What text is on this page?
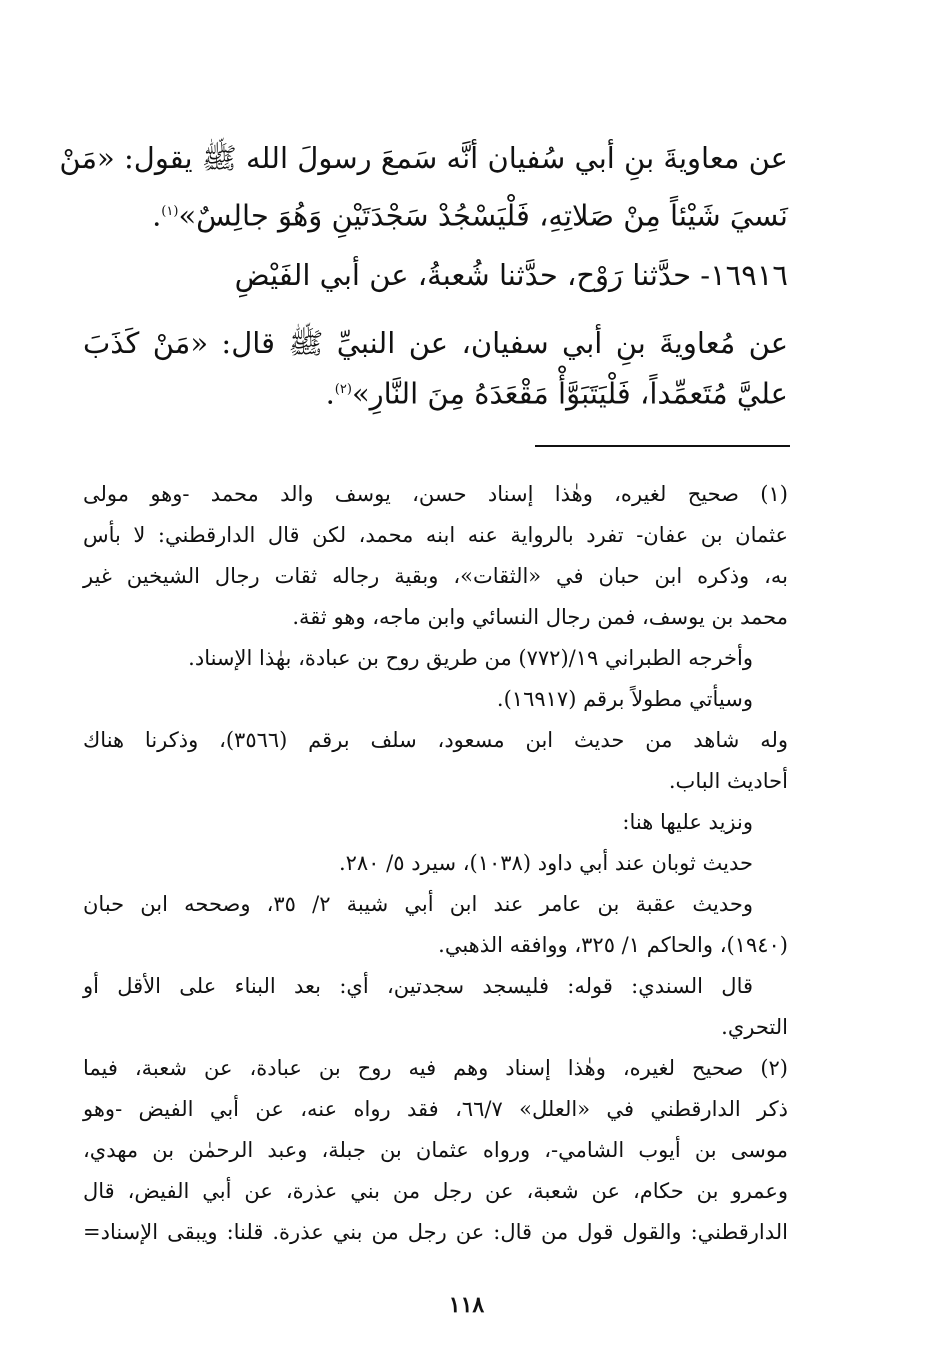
عن معاويةَ بنِ أبي سُفيان أنَّه سَمعَ رسولَ الله ﷺ يقول: «مَنْ
نَسيَ شَيْئاً مِنْ صَلاتِهِ، فَلْيَسْجُدْ سَجْدَتَيْنِ وَهُوَ جالِسٌ»$^{(١)}$.
١٦٩١٦- حدَّثنا رَوْح، حدَّثنا شُعبةُ، عن أبي الفَيْضِ
عن مُعاويةَ بنِ أبي سفيان، عن النبيِّ ﷺ قال: «مَنْ كَذَبَ
عليَّ مُتَعمِّداً، فَلْيَتَبَوَّأْ مَقْعَدَهُ مِنَ النَّارِ»$^{(٢)}$.
(١) صحيح لغيره، وهٰذا إسناد حسن، يوسف والد محمد -وهو مولى
عثمان بن عفان- تفرد بالرواية عنه ابنه محمد، لكن قال الدارقطني: لا بأس
به، وذكره ابن حبان في «الثقات»، وبقية رجاله ثقات رجال الشيخين غير
محمد بن يوسف، فمن رجال النسائي وابن ماجه، وهو ثقة.
وأخرجه الطبراني ١٩/(٧٧٢) من طريق روح بن عبادة، بهٰذا الإسناد.
وسيأتي مطولاً برقم (١٦٩١٧).
وله شاهد من حديث ابن مسعود، سلف برقم (٣٥٦٦)، وذكرنا هناك
أحاديث الباب.
ونزيد عليها هنا:
حديث ثوبان عند أبي داود (١٠٣٨)، سيرد ٥/ ٢٨٠.
وحديث عقبة بن عامر عند ابن أبي شيبة ٢/ ٣٥، وصححه ابن حبان
(١٩٤٠)، والحاكم ١/ ٣٢٥، ووافقه الذهبي.
قال السندي: قوله: فليسجد سجدتين، أي: بعد البناء على الأقل أو
التحري.
(٢) صحيح لغيره، وهٰذا إسناد وهم فيه روح بن عبادة، عن شعبة، فيما
ذكر الدارقطني في «العلل» ٦٦/٧، فقد رواه عنه، عن أبي الفيض -وهو
موسى بن أيوب الشامي-، ورواه عثمان بن جبلة، وعبد الرحمٰن بن مهدي،
وعمرو بن حكام، عن شعبة، عن رجل من بني عذرة، عن أبي الفيض، قال
الدارقطني: والقول قول من قال: عن رجل من بني عذرة. قلنا: ويبقى الإسناد=
١١٨
